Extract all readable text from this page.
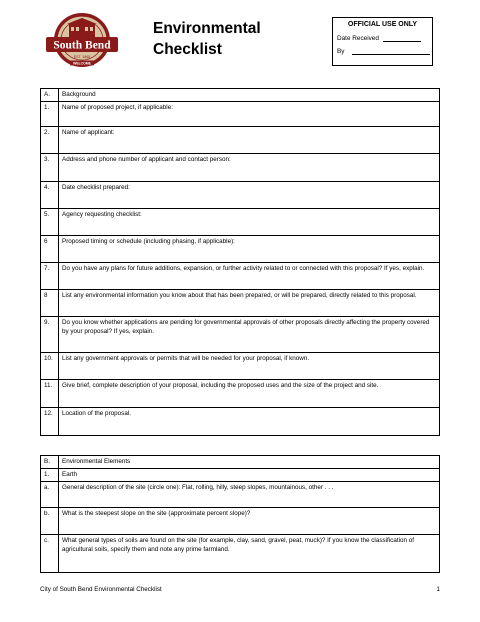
South Bend
EST. 1865
WELCOME
SOUTH BEND
Environmental
Checklist
OFFICIAL USE ONLY
Date Received
By
A.	Background
1.	Name of proposed project, if applicable:
2.	Name of applicant:
3.	Address and phone number of applicant and contact person:
4.	Date checklist prepared:
5.	Agency requesting checklist:
6	Proposed timing or schedule (including phasing, if applicable):
7.	Do you have any plans for future additions, expansion, or further activity related to or connected with this proposal? If yes, explain.
8	List any environmental information you know about that has been prepared, or will be prepared, directly related to this proposal.
9.	Do you know whether applications are pending for governmental approvals of other proposals directly affecting the property covered by your proposal? If yes, explain.
10.	List any government approvals or permits that will be needed for your proposal, if known.
11.	Give brief, complete description of your proposal, including the proposed uses and the size of the project and site.
12.	Location of the proposal.
B.	Environmental Elements
1.	Earth
a.	General description of the site (circle one): Flat, rolling, hilly, steep slopes, mountainous, other . . .
b.	What is the steepest slope on the site (approximate percent slope)?
c.	What general types of soils are found on the site (for example, clay, sand, gravel, peat, muck)? If you know the classification of agricultural soils, specify them and note any prime farmland.
City of South Bend Environmental Checklist	1
